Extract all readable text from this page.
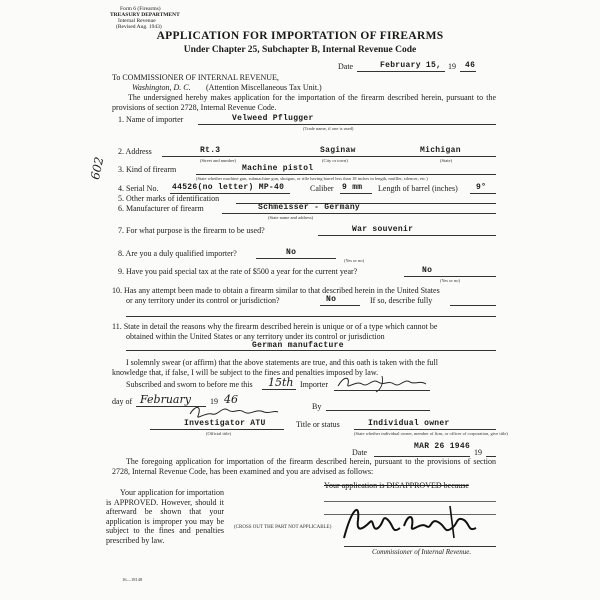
Form 6 (Firearms)
TREASURY DEPARTMENT
Internal Revenue
(Revised Aug. 1943)
APPLICATION FOR IMPORTATION OF FIREARMS
Under Chapter 25, Subchapter B, Internal Revenue Code
Date	February 15, 19 46
To COMMISSIONER OF INTERNAL REVENUE,
Washington, D. C. (Attention Miscellaneous Tax Unit.)

The undersigned hereby makes application for the importation of the firearm described herein, pursuant to the provisions of section 2728, Internal Revenue Code.

1. Name of importer	Velweed Pflugger
(Trade name, if one is used)
2. Address	Rt.3	Saginaw	Michigan
(Street and number)	(City or town)	(State)
3. Kind of firearm	Machine pistol
(State whether machine gun, submachine gun, shotgun, or rifle having barrel less than 18 inches in length, muffler, silencer, etc.)
4. Serial No. 44526(no letter) MP-40	Caliber 9 mm Length of barrel (inches) 9°
5. Other marks of identification
6. Manufacturer of firearm	Schmeisser - Germany
(State name and address)
7. For what purpose is the firearm to be used?	War souvenir
8. Are you a duly qualified importer?	No
(Yes or no)
9. Have you paid special tax at the rate of $500 a year for the current year?	No
(Yes or no)
10. Has any attempt been made to obtain a firearm similar to that described herein in the United States
or any territory under its control or jurisdiction?	No	If so, describe fully
11. State in detail the reasons why the firearm described herein is unique or of a type which cannot be
obtained within the United States or any territory under its control or jurisdiction
German manufacture
I solemnly swear (or affirm) that the above statements are true, and this oath is taken with the full
knowledge that, if false, I will be subject to the fines and penalties imposed by law.
Subscribed and sworn to before me this 15th Importer
day of February 19 46
By
Investigator ATU
(Official title)
Title or status	Individual owner
(State whether individual owner, member of firm, or officer of corporation, give title)
Date
MAR 26 1946
19

The foregoing application for importation of the firearm described herein, pursuant to the provisions of section 2728, Internal Revenue Code, has been examined and you are advised as follows:

Your application for importation is APPROVED. However, should it afterward be shown that your application is improper you may be subject to the fines and penalties prescribed by law.

Your application is DISAPPROVED because
(CROSS OUT THE PART NOT APPLICABLE)
Commissioner of Internal Revenue.
16—18148
602
